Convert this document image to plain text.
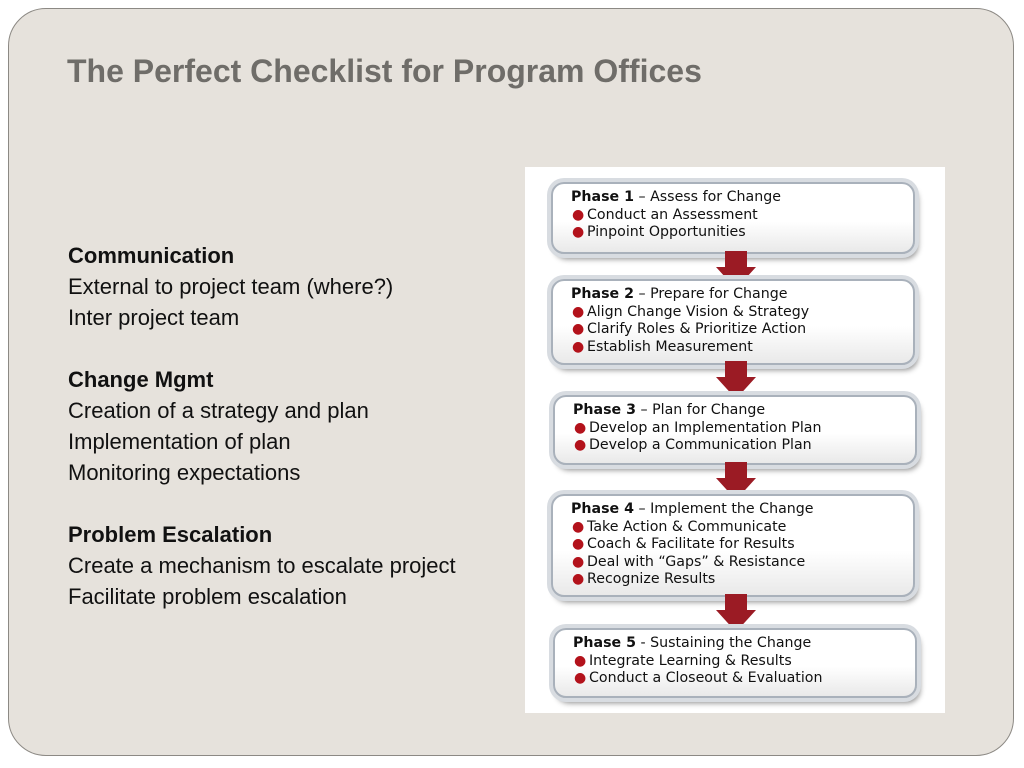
The Perfect Checklist for Program Offices
Communication
External to project team (where?)
Inter project team
Change Mgmt
Creation of a strategy and plan
Implementation of plan
Monitoring expectations
Problem Escalation
Create a mechanism to escalate project
Facilitate problem escalation
Phase 1 – Assess for Change
● Conduct an Assessment
● Pinpoint Opportunities
Phase 2 – Prepare for Change
● Align Change Vision & Strategy
● Clarify Roles & Prioritize Action
● Establish Measurement
Phase 3 – Plan for Change
● Develop an Implementation Plan
● Develop a Communication Plan
Phase 4 – Implement the Change
● Take Action & Communicate
● Coach & Facilitate for Results
● Deal with “Gaps” & Resistance
● Recognize Results
Phase 5 - Sustaining the Change
● Integrate Learning & Results
● Conduct a Closeout & Evaluation
